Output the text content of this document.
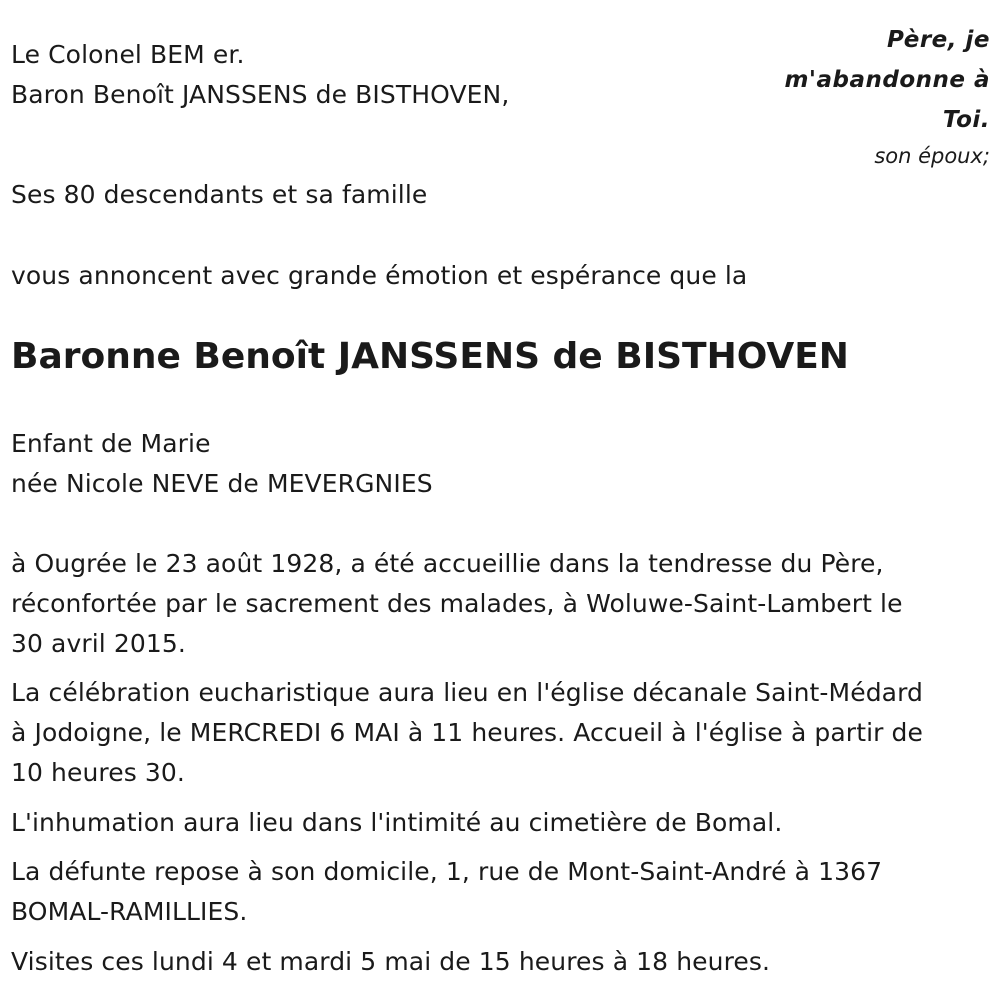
Le Colonel BEM er.

Baron Benoît JANSSENS de BISTHOVEN,

Père, je
m'abandonne à
Toi.
son époux;

Ses 80 descendants et sa famille

vous annoncent avec grande émotion et espérance que la

Baronne Benoît JANSSENS de BISTHOVEN

Enfant de Marie

née Nicole NEVE de MEVERGNIES

à Ougrée le 23 août 1928, a été accueillie dans la tendresse du Père,

réconfortée par le sacrement des malades, à Woluwe-Saint-Lambert le

30 avril 2015.

La célébration eucharistique aura lieu en l'église décanale Saint-Médard

à Jodoigne, le MERCREDI 6 MAI à 11 heures. Accueil à l'église à partir de

10 heures 30.

L'inhumation aura lieu dans l'intimité au cimetière de Bomal.

La défunte repose à son domicile, 1, rue de Mont-Saint-André à 1367

BOMAL-RAMILLIES.

Visites ces lundi 4 et mardi 5 mai de 15 heures à 18 heures.
